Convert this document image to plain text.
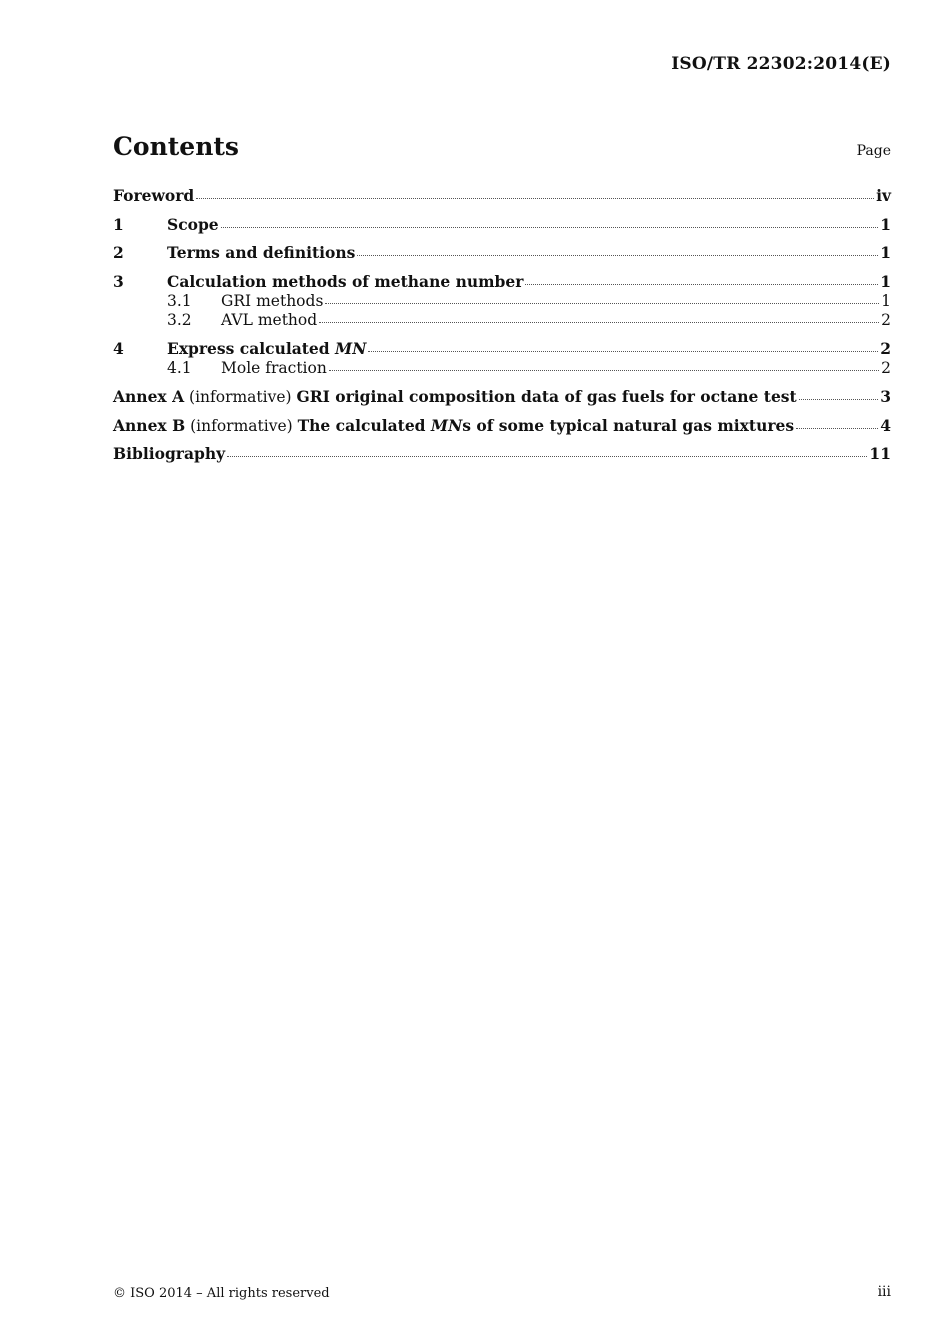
ISO/TR 22302:2014(E)
Contents	Page
Foreword	iv
1	Scope	1
2	Terms and definitions	1
3	Calculation methods of methane number	1
3.1	GRI methods	1
3.2	AVL method	2
4	Express calculated MN	2
4.1	Mole fraction	2
Annex A (informative) GRI original composition data of gas fuels for octane test	3
Annex B (informative) The calculated MNs of some typical natural gas mixtures	4
Bibliography	11
© ISO 2014 – All rights reserved	iii
